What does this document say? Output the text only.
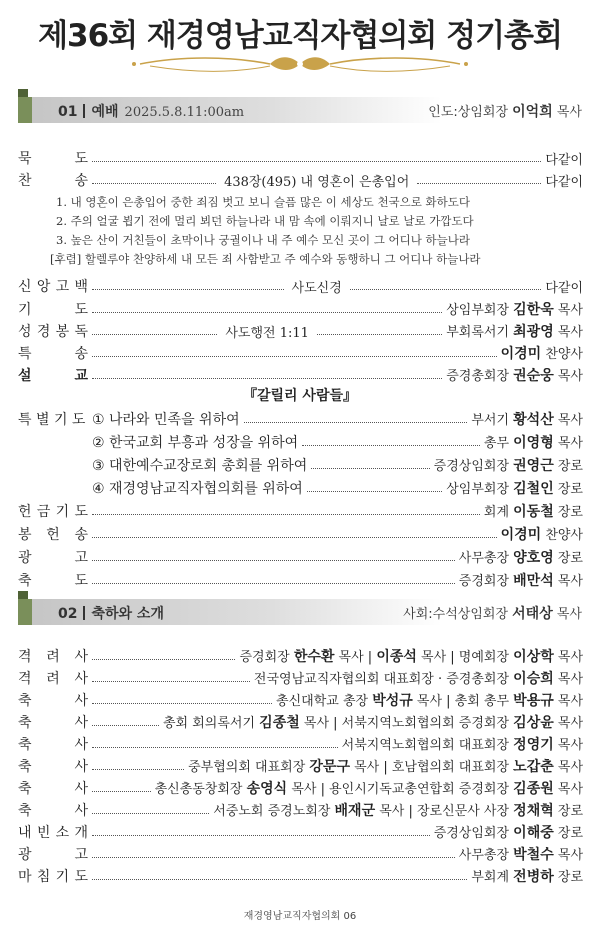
제36회 재경영남교직자협의회 정기총회
01 예배 2025.5.8.11:00am	인도:상임회장 이억희 목사
묵	도	다같이
찬	송	438장(495) 내 영혼이 은총입어	다같이
1. 내 영혼이 은총입어 중한 죄짐 벗고 보니 슬픔 많은 이 세상도 천국으로 화하도다
2. 주의 얼굴 뵙기 전에 멀리 뵈던 하늘나라 내 맘 속에 이뤄지니 날로 날로 가깝도다
3. 높은 산이 거친들이 초막이나 궁궐이나 내 주 예수 모신 곳이 그 어디나 하늘나라
[후렴] 할렐루야 찬양하세 내 모든 죄 사함받고 주 예수와 동행하니 그 어디나 하늘나라
신 앙 고 백	사도신경	다같이
기	도	상임부회장 김한욱 목사
성 경 봉 독	사도행전 1:11	부회록서기 최광영 목사
특	송	이경미 찬양사
설	교	증경총회장 권순웅 목사
『갈릴리 사람들』
특 별 기 도 ① 나라와 민족을 위하여	부서기 황석산 목사
② 한국교회 부흥과 성장을 위하여	총무 이영형 목사
③ 대한예수교장로회 총회를 위하여	증경상임회장 권영근 장로
④ 재경영남교직자협의회를 위하여	상임부회장 김철인 장로
헌 금 기 도	회계 이동철 장로
봉 헌 송	이경미 찬양사
광	고	사무총장 양호영 장로
축	도	증경회장 배만석 목사
02 축하와 소개	사회:수석상임회장 서태상 목사
격 려 사	증경회장 한수환 목사 | 이종석 목사 | 명예회장 이상학 목사
격 려 사	전국영남교직자협의회 대표회장 · 증경총회장 이승희 목사
축	사	총신대학교 총장 박성규 목사 | 총회 총무 박용규 목사
축	사	총회 회의록서기 김종철 목사 | 서북지역노회협의회 증경회장 김상윤 목사
축	사	서북지역노회협의회 대표회장 정영기 목사
축	사	중부협의회 대표회장 강문구 목사 | 호남협의회 대표회장 노갑춘 목사
축	사	총신총동창회장 송영식 목사 | 용인시기독교총연합회 증경회장 김종원 목사
축	사	서중노회 증경노회장 배재군 목사 | 장로신문사 사장 정채혁 장로
내 빈 소 개	증경상임회장 이해중 장로
광	고	사무총장 박철수 목사
마 침 기 도	부회계 전병하 장로
재경영남교직자협의회 06
